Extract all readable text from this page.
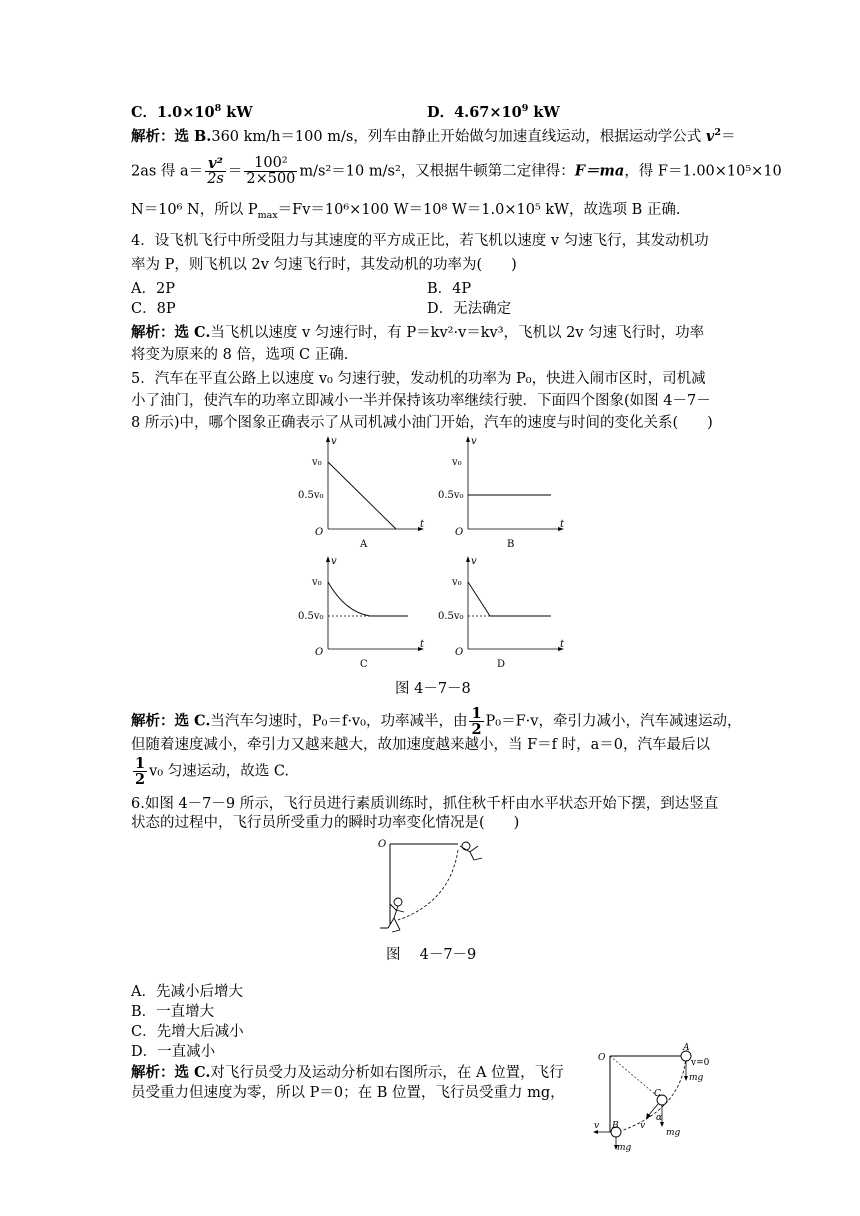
C．$1.0\times 10^8$ kW	D．$4.67\times 10^9$ kW
解析：选 B.360 km/h＝100 m/s，列车由静止开始做匀加速直线运动，根据运动学公式 $v^2=$
2as 得 $a= \frac{\text{v²}}{2s} = \frac{\text{100²}}{2\times 500} m/s^2=10$ m/s²，又根据牛顿第二定律得：F＝ma，得 F＝1.00×10⁵×10
N＝10⁶ N，所以 $P_{max}=Fv=10^6\times 100$ W＝10⁸ W＝1.0×10⁵ kW，故选项 B 正确.
4．设飞机飞行中所受阻力与其速度的平方成正比，若飞机以速度 v 匀速飞行，其发动机功
率为 P，则飞机以 2v 匀速飞行时，其发动机的功率为(　　)
A．2P	B．4P
C．8P	D．无法确定
解析：选 C.当飞机以速度 v 匀速行时，有 P＝kv²·v＝kv³，飞机以 2v 匀速飞行时，功率
将变为原来的 8 倍，选项 C 正确.
5．汽车在平直公路上以速度 v₀ 匀速行驶，发动机的功率为 P₀，快进入闹市区时，司机减
小了油门，使汽车的功率立即减小一半并保持该功率继续行驶．下面四个图象(如图 4－7－
8 所示)中，哪个图象正确表示了从司机减小油门开始，汽车的速度与时间的变化关系(　　)
v
t
O
v₀
0.5v₀
A
v
t
O
v₀
0.5v₀
B
v
t
O
v₀
0.5v₀
C
v
t
O
v₀
0.5v₀
D
图 4－7－8
解析：选 C.当汽车匀速时，P₀＝f·v₀，功率减半，由 $\frac{1}{2} P_0=F\cdot v$，牵引力减小，汽车减速运动，
但随着速度减小，牵引力又越来越大，故加速度越来越小，当 F＝f 时，a＝0，汽车最后以
$\frac{1}{2} v_0$ 匀速运动，故选 C.
6.如图 4－7－9 所示，飞行员进行素质训练时，抓住秋千杆由水平状态开始下摆，到达竖直
状态的过程中，飞行员所受重力的瞬时功率变化情况是(　　)
O
图　 4－7－9
A．先减小后增大
B．一直增大
C．先增大后减小
D．一直减小
解析：选 C.对飞行员受力及运动分析如右图所示，在 A 位置，飞行
员受重力但速度为零，所以 P＝0；在 B 位置，飞行员受重力 mg，
O
A
v=0
mg
C
mg
v
α
B
v
mg
